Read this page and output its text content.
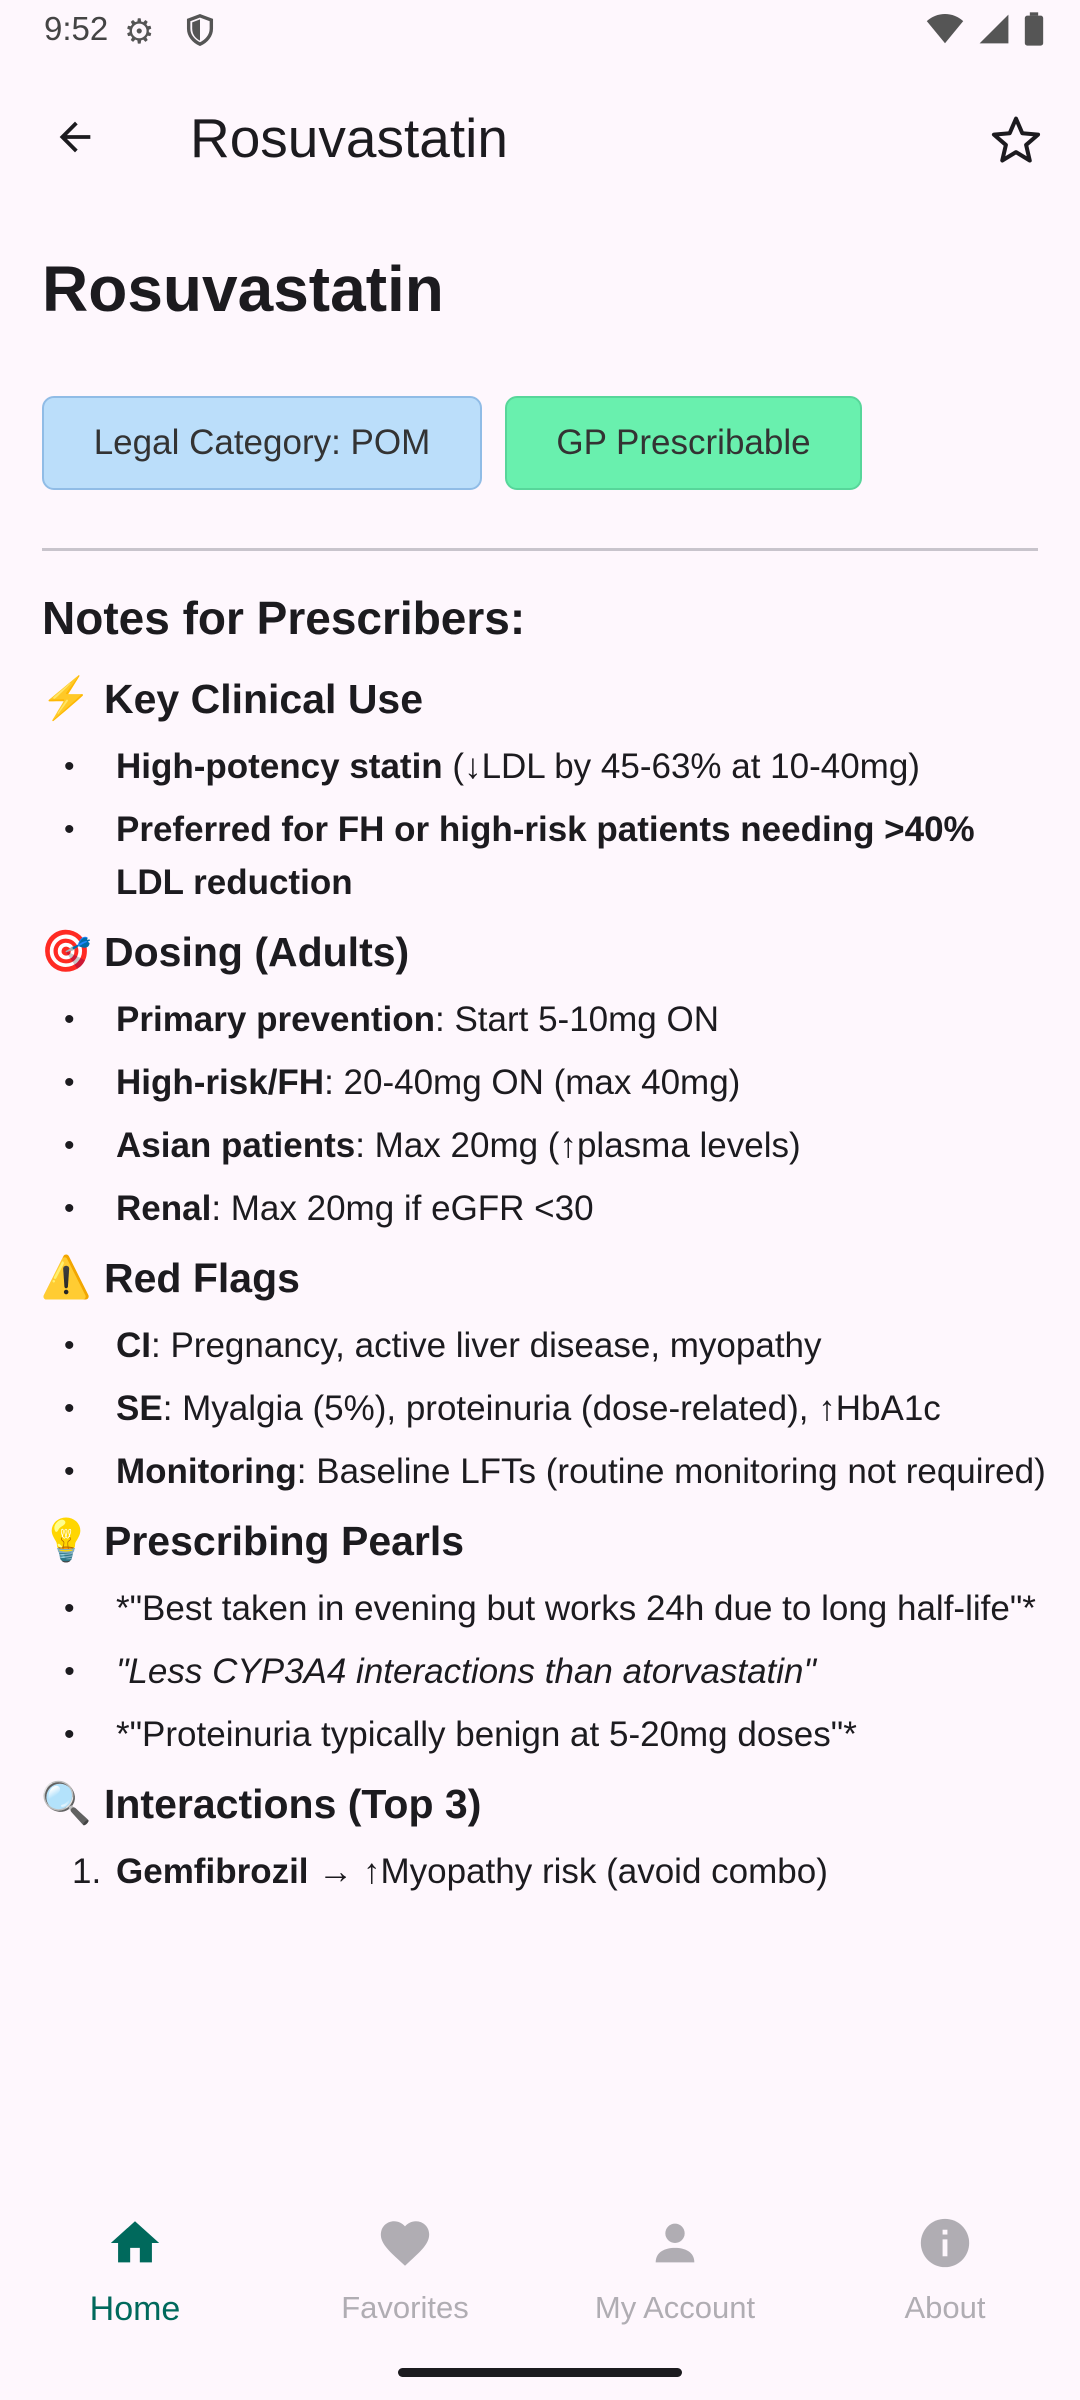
9:52 ⚙
Rosuvastatin
Rosuvastatin
Legal Category: POM	GP Prescribable
Notes for Prescribers:
⚡ Key Clinical Use
• High-potency statin (↓LDL by 45-63% at 10-40mg)
• Preferred for FH or high-risk patients needing >40% LDL reduction
🎯 Dosing (Adults)
• Primary prevention: Start 5-10mg ON
• High-risk/FH: 20-40mg ON (max 40mg)
• Asian patients: Max 20mg (↑plasma levels)
• Renal: Max 20mg if eGFR <30
⚠️ Red Flags
• CI: Pregnancy, active liver disease, myopathy
• SE: Myalgia (5%), proteinuria (dose-related), ↑HbA1c
• Monitoring: Baseline LFTs (routine monitoring not required)
💡 Prescribing Pearls
• *"Best taken in evening but works 24h due to long half-life"*
• "Less CYP3A4 interactions than atorvastatin"
• *"Proteinuria typically benign at 5-20mg doses"*
🔍 Interactions (Top 3)
1. Gemfibrozil → ↑Myopathy risk (avoid combo)
Home	Favorites	My Account	About
